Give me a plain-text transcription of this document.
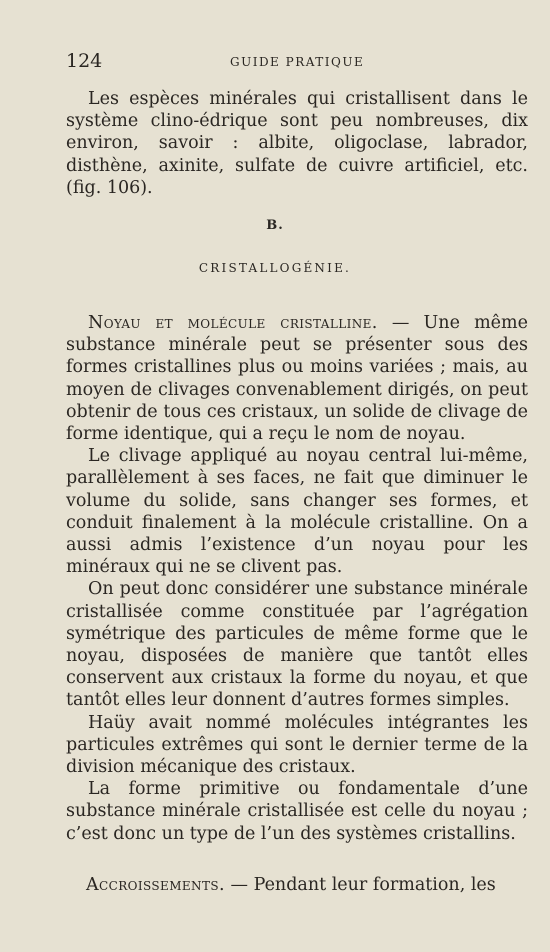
124	GUIDE PRATIQUE

Les espèces minérales qui cristallisent dans le système clino-édrique sont peu nombreuses, dix environ, savoir : albite, oligoclase, labrador, disthène, axinite, sulfate de cuivre artificiel, etc. (fig. 106).

B.
CRISTALLOGÉNIE.

Noyau et molécule cristalline. — Une même substance minérale peut se présenter sous des formes cristallines plus ou moins variées ; mais, au moyen de clivages convenablement dirigés, on peut obtenir de tous ces cristaux, un solide de clivage de forme identique, qui a reçu le nom de noyau.

Le clivage appliqué au noyau central lui-même, parallèlement à ses faces, ne fait que diminuer le volume du solide, sans changer ses formes, et conduit finalement à la molécule cristalline. On a aussi admis l’existence d’un noyau pour les minéraux qui ne se clivent pas.

On peut donc considérer une substance minérale cristallisée comme constituée par l’agrégation symétrique des particules de même forme que le noyau, disposées de manière que tantôt elles conservent aux cristaux la forme du noyau, et que tantôt elles leur donnent d’autres formes simples.

Haüy avait nommé molécules intégrantes les particules extrêmes qui sont le dernier terme de la division mécanique des cristaux.

La forme primitive ou fondamentale d’une substance minérale cristallisée est celle du noyau ; c’est donc un type de l’un des systèmes cristallins.

Accroissements. — Pendant leur formation, les
